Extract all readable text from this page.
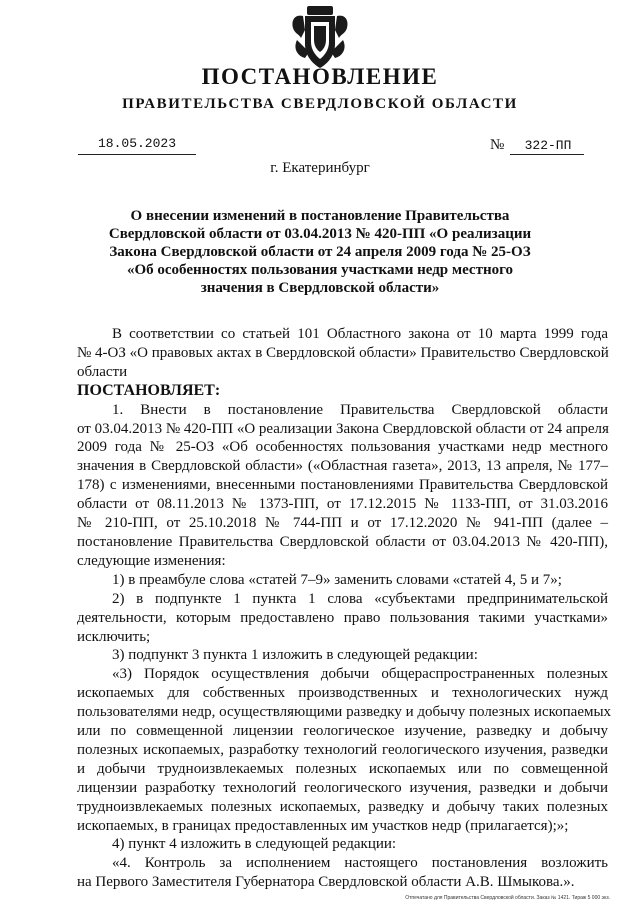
ПОСТАНОВЛЕНИЕ
ПРАВИТЕЛЬСТВА СВЕРДЛОВСКОЙ ОБЛАСТИ
18.05.2023	№	322-ПП
г. Екатеринбург
О внесении изменений в постановление Правительства
Свердловской области от 03.04.2013 № 420-ПП «О реализации
Закона Свердловской области от 24 апреля 2009 года № 25-ОЗ
«Об особенностях пользования участками недр местного
значения в Свердловской области»
В соответствии со статьей 101 Областного закона от 10 марта 1999 года
№ 4-ОЗ «О правовых актах в Свердловской области» Правительство Свердловской
области
ПОСТАНОВЛЯЕТ:
1. Внести в постановление Правительства Свердловской области
от 03.04.2013 № 420-ПП «О реализации Закона Свердловской области от 24 апреля
2009 года № 25-ОЗ «Об особенностях пользования участками недр местного
значения в Свердловской области» («Областная газета», 2013, 13 апреля, № 177–
178) с изменениями, внесенными постановлениями Правительства Свердловской
области от 08.11.2013 № 1373-ПП, от 17.12.2015 № 1133-ПП, от 31.03.2016
№ 210-ПП, от 25.10.2018 № 744-ПП и от 17.12.2020 № 941-ПП (далее –
постановление Правительства Свердловской области от 03.04.2013 № 420-ПП),
следующие изменения:
1) в преамбуле слова «статей 7–9» заменить словами «статей 4, 5 и 7»;
2) в подпункте 1 пункта 1 слова «субъектами предпринимательской
деятельности, которым предоставлено право пользования такими участками»
исключить;
3) подпункт 3 пункта 1 изложить в следующей редакции:
«3) Порядок осуществления добычи общераспространенных полезных
ископаемых для собственных производственных и технологических нужд
пользователями недр, осуществляющими разведку и добычу полезных ископаемых
или по совмещенной лицензии геологическое изучение, разведку и добычу
полезных ископаемых, разработку технологий геологического изучения, разведки
и добычи трудноизвлекаемых полезных ископаемых или по совмещенной
лицензии разработку технологий геологического изучения, разведки и добычи
трудноизвлекаемых полезных ископаемых, разведку и добычу таких полезных
ископаемых, в границах предоставленных им участков недр (прилагается);»;
4) пункт 4 изложить в следующей редакции:
«4. Контроль за исполнением настоящего постановления возложить
на Первого Заместителя Губернатора Свердловской области А.В. Шмыкова.».
Отпечатано для Правительства Свердловской области. Заказ № 1421. Тираж 5 000 экз.
